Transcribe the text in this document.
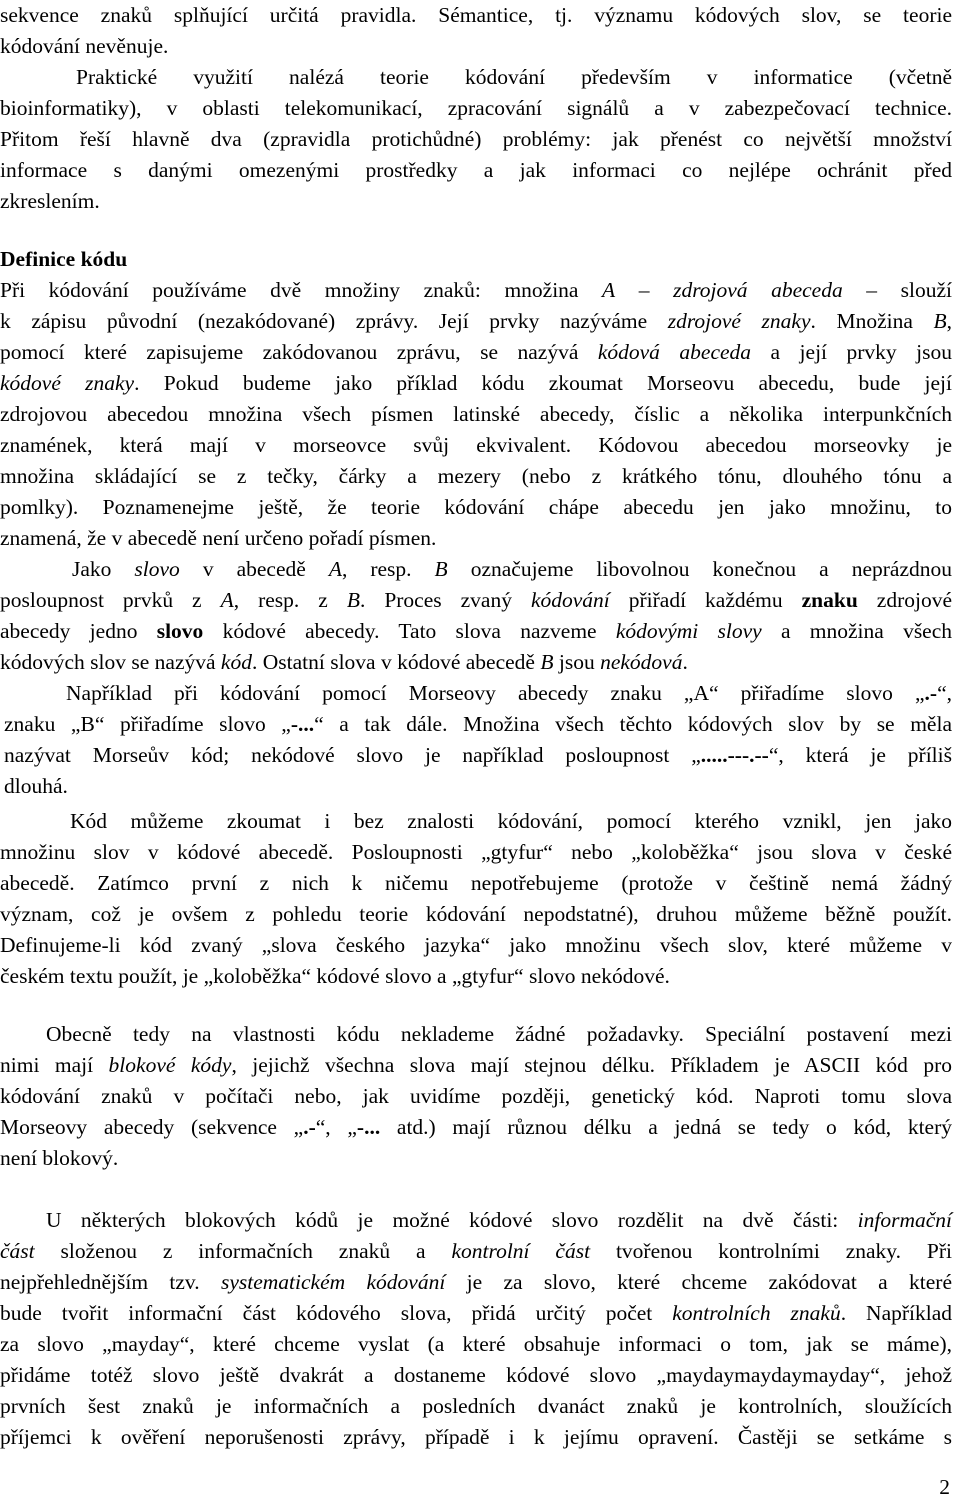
sekvence znaků splňující určitá pravidla. Sémantice, tj. významu kódových slov, se teorie
kódování nevěnuje.
Praktické využití nalézá teorie kódování především v informatice (včetně
bioinformatiky), v oblasti telekomunikací, zpracování signálů a v zabezpečovací technice.
Přitom řeší hlavně dva (zpravidla protichůdné) problémy: jak přenést co největší množství
informace s danými omezenými prostředky a jak informaci co nejlépe ochránit před
zkreslením.
Definice kódu
Při kódování používáme dvě množiny znaků: množina A – zdrojová abeceda – slouží
k zápisu původní (nezakódované) zprávy. Její prvky nazýváme zdrojové znaky. Množina B,
pomocí které zapisujeme zakódovanou zprávu, se nazývá kódová abeceda a její prvky jsou
kódové znaky. Pokud budeme jako příklad kódu zkoumat Morseovu abecedu, bude její
zdrojovou abecedou množina všech písmen latinské abecedy, číslic a několika interpunkčních
znamének, která mají v morseovce svůj ekvivalent. Kódovou abecedou morseovky je
množina skládající se z tečky, čárky a mezery (nebo z krátkého tónu, dlouhého tónu a
pomlky). Poznamenejme ještě, že teorie kódování chápe abecedu jen jako množinu, to
znamená, že v abecedě není určeno pořadí písmen.
Jako slovo v abecedě A, resp. B označujeme libovolnou konečnou a neprázdnou
posloupnost prvků z A, resp. z B. Proces zvaný kódování přiřadí každému znaku zdrojové
abecedy jedno slovo kódové abecedy. Tato slova nazveme kódovými slovy a množina všech
kódových slov se nazývá kód. Ostatní slova v kódové abecedě B jsou nekódová.
Například při kódování pomocí Morseovy abecedy znaku „A“ přiřadíme slovo „.-“,
znaku „B“ přiřadíme slovo „-...“ a tak dále. Množina všech těchto kódových slov by se měla
nazývat Morseův kód; nekódové slovo je například posloupnost „.....---.--“, která je příliš
dlouhá.
Kód můžeme zkoumat i bez znalosti kódování, pomocí kterého vznikl, jen jako
množinu slov v kódové abecedě. Posloupnosti „gtyfur“ nebo „koloběžka“ jsou slova v české
abecedě. Zatímco první z nich k ničemu nepotřebujeme (protože v češtině nemá žádný
význam, což je ovšem z pohledu teorie kódování nepodstatné), druhou můžeme běžně použít.
Definujeme-li kód zvaný „slova českého jazyka“ jako množinu všech slov, které můžeme v
českém textu použít, je „koloběžka“ kódové slovo a „gtyfur“ slovo nekódové.
Obecně tedy na vlastnosti kódu neklademe žádné požadavky. Speciální postavení mezi
nimi mají blokové kódy, jejichž všechna slova mají stejnou délku. Příkladem je ASCII kód pro
kódování znaků v počítači nebo, jak uvidíme později, genetický kód. Naproti tomu slova
Morseovy abecedy (sekvence „.-“, „-... atd.) mají různou délku a jedná se tedy o kód, který
není blokový.
U některých blokových kódů je možné kódové slovo rozdělit na dvě části: informační
část složenou z informačních znaků a kontrolní část tvořenou kontrolními znaky. Při
nejpřehlednějším tzv. systematickém kódování je za slovo, které chceme zakódovat a které
bude tvořit informační část kódového slova, přidá určitý počet kontrolních znaků. Například
za slovo „mayday“, které chceme vyslat (a které obsahuje informaci o tom, jak se máme),
přidáme totéž slovo ještě dvakrát a dostaneme kódové slovo „maydaymaydaymayday“, jehož
prvních šest znaků je informačních a posledních dvanáct znaků je kontrolních, sloužících
příjemci k ověření neporušenosti zprávy, případě i k jejímu opravení. Častěji se setkáme s
2
